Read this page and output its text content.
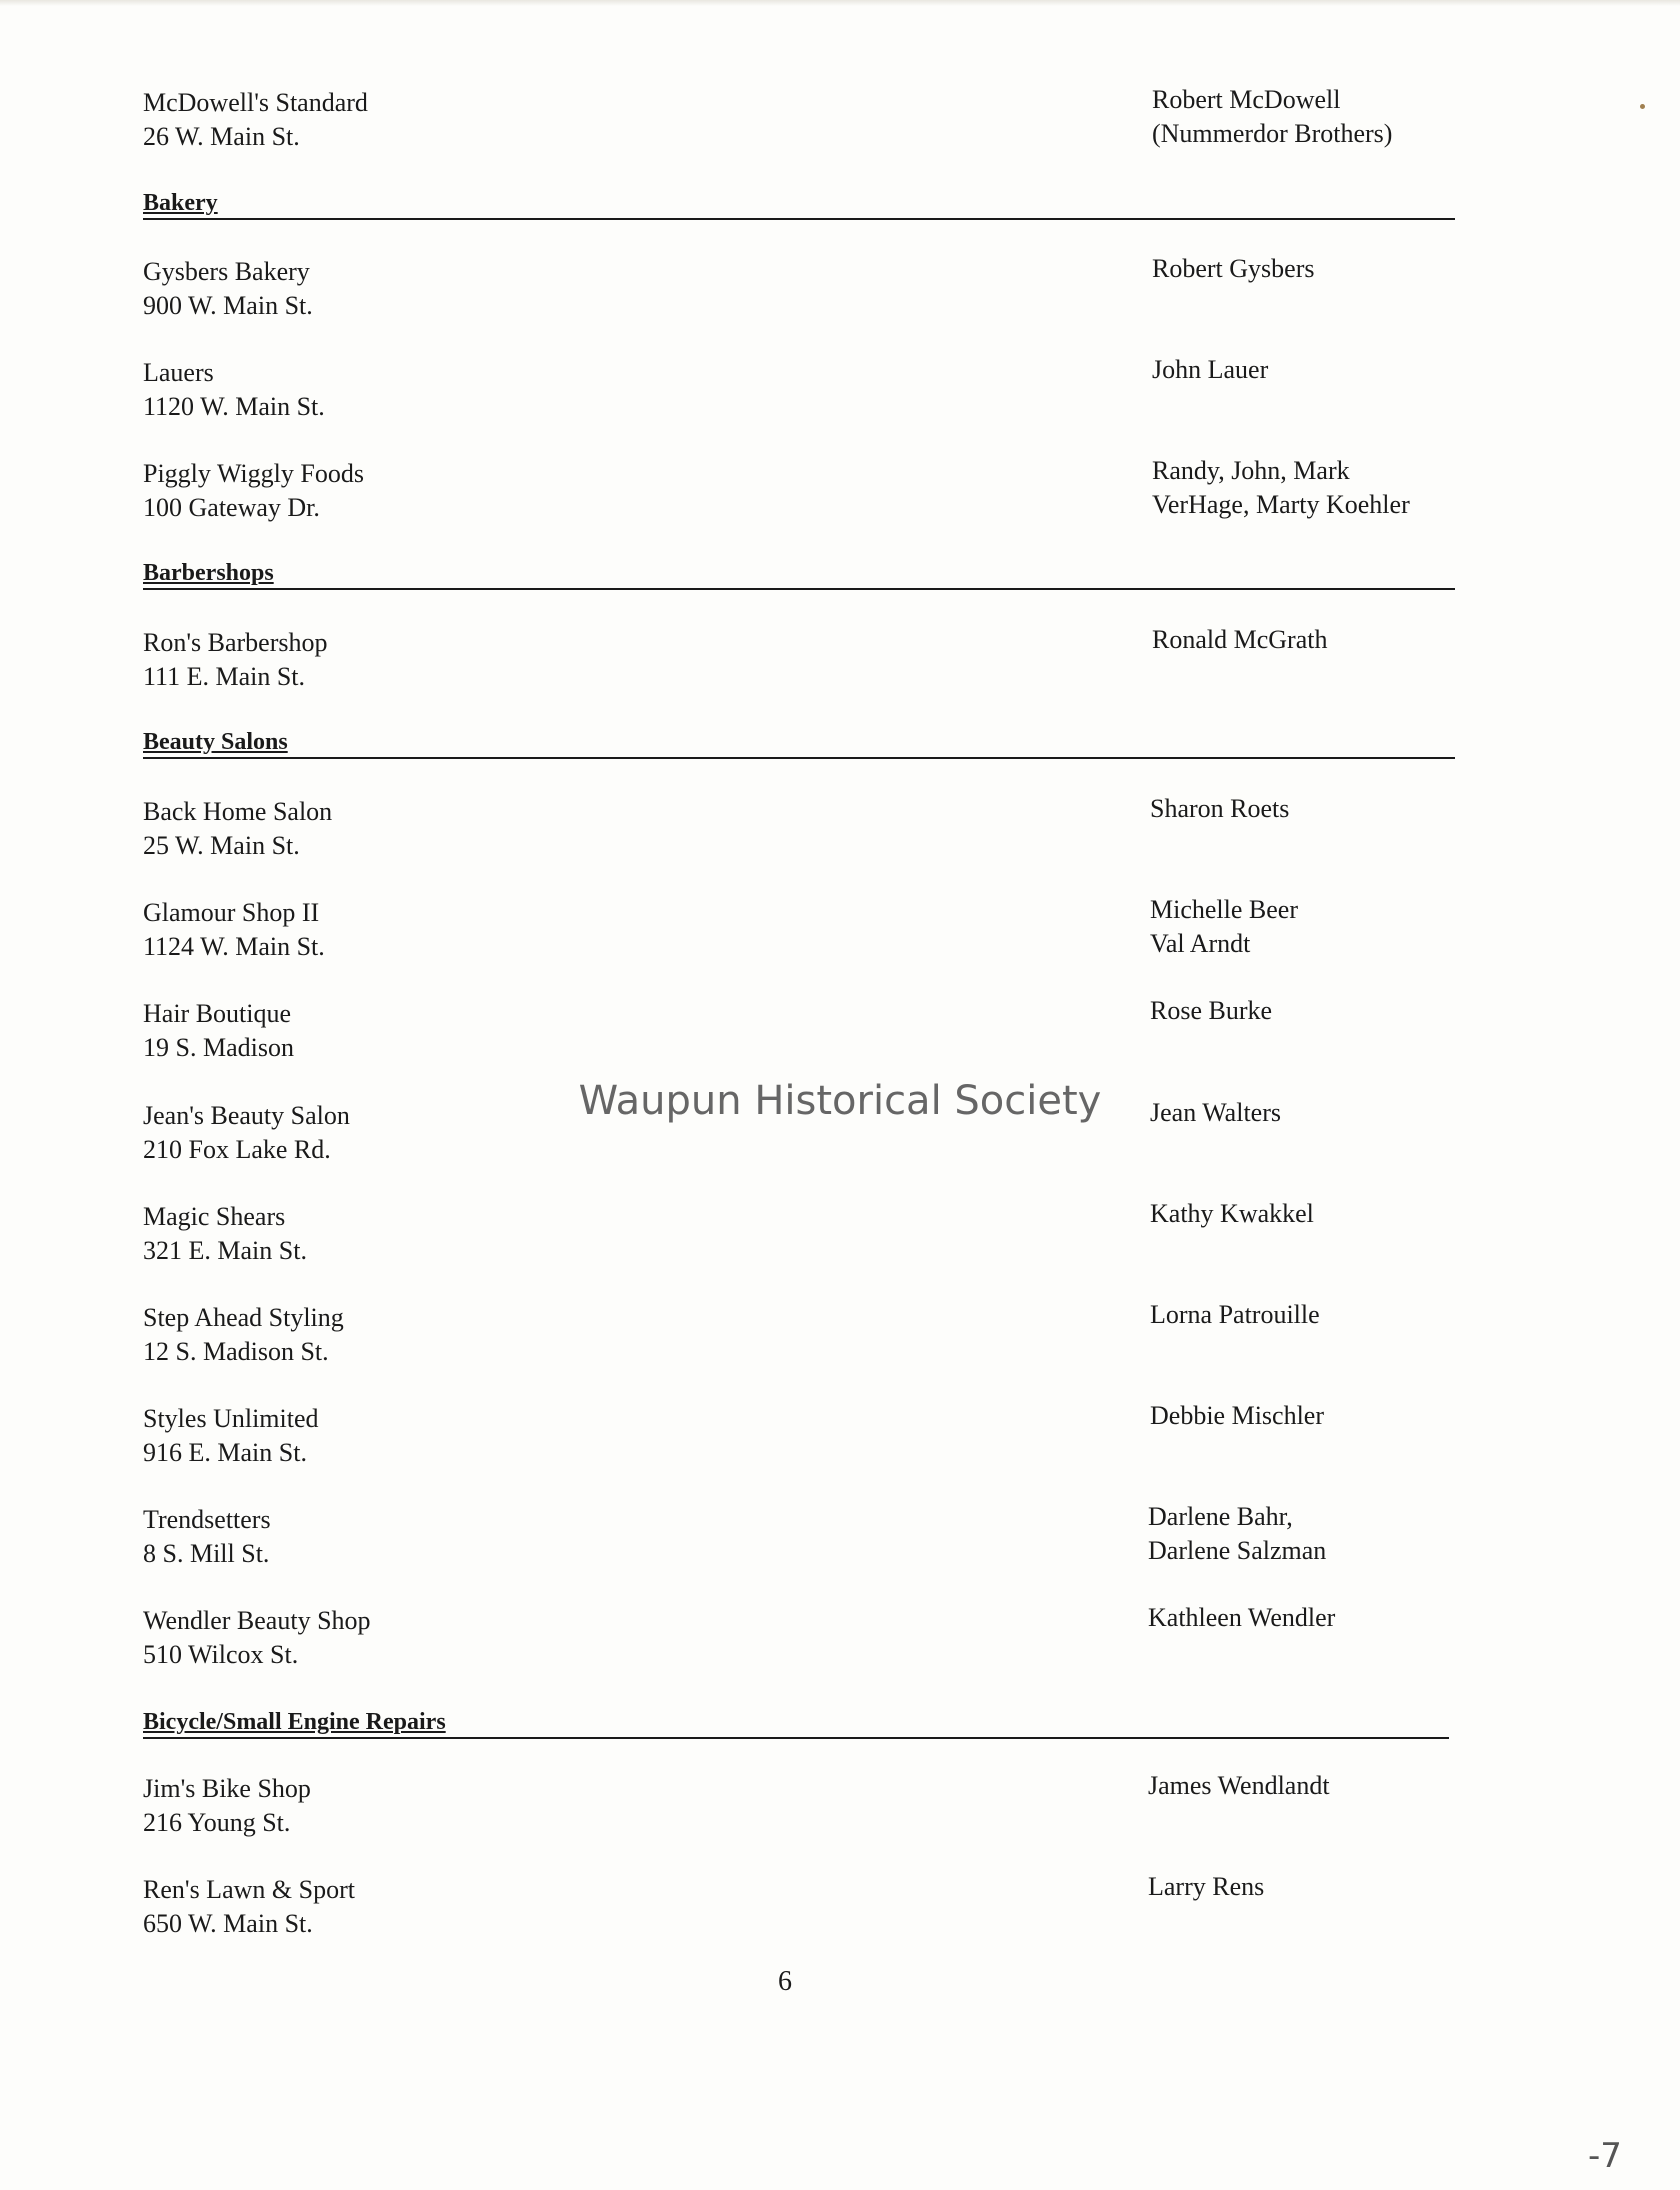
McDowell's Standard
26 W. Main St.
Robert McDowell
(Nummerdor Brothers)
Bakery
Gysbers Bakery
900 W. Main St.
Robert Gysbers
Lauers
1120 W. Main St.
John Lauer
Piggly Wiggly Foods
100 Gateway Dr.
Randy, John, Mark
VerHage, Marty Koehler
Barbershops
Ron's Barbershop
111 E. Main St.
Ronald McGrath
Beauty Salons
Back Home Salon
25 W. Main St.
Sharon Roets
Glamour Shop II
1124 W. Main St.
Michelle Beer
Val Arndt
Hair Boutique
19 S. Madison
Rose Burke
Jean's Beauty Salon
210 Fox Lake Rd.
Jean Walters
Magic Shears
321 E. Main St.
Kathy Kwakkel
Step Ahead Styling
12 S. Madison St.
Lorna Patrouille
Styles Unlimited
916 E. Main St.
Debbie Mischler
Trendsetters
8 S. Mill St.
Darlene Bahr,
Darlene Salzman
Wendler Beauty Shop
510 Wilcox St.
Kathleen Wendler
Bicycle/Small Engine Repairs
Jim's Bike Shop
216 Young St.
James Wendlandt
Ren's Lawn & Sport
650 W. Main St.
Larry Rens
Waupun Historical Society
6
-7
